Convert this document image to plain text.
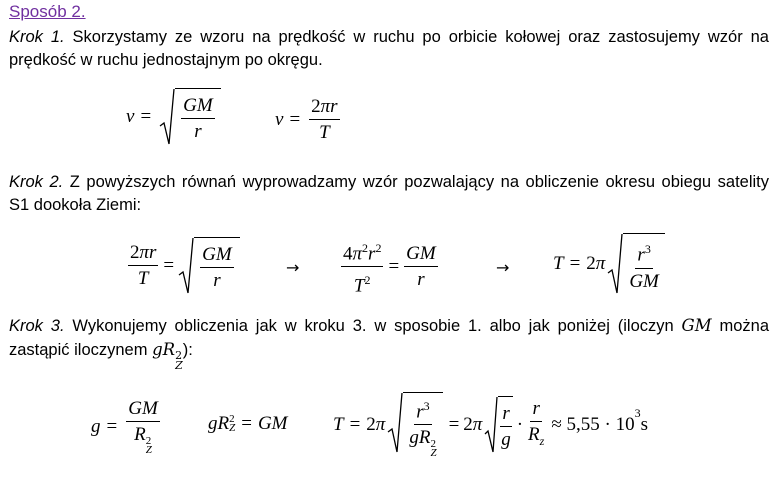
Sposób 2.
Krok 1. Skorzystamy ze wzoru na prędkość w ruchu po orbicie kołowej oraz zastosujemy wzór na prędkość w ruchu jednostajnym po okręgu.
$v = \frac{GM}{r}$	$v = \frac{2\pi r}{T}$
Krok 2. Z powyższych równań wyprowadzamy wzór pozwalający na obliczenie okresu obiegu satelity S1 dookoła Ziemi:
$\frac{2\pi r}{T} = \frac{GM}{r}$	→ $\frac{4\pi^2r^2}{T^2} = \frac{GM}{r}$	→ $T = 2\pi \frac{r^3}{GM}$
Krok 3. Wykonujemy obliczenia jak w kroku 3. w sposobie 1. albo jak poniżej (iloczyn GM można zastąpić iloczynem gR 2
Z
):
g = GM
R 2
Z	gR 2
Z = GM T = 2π $r^3$
gR 2
$Z = 2\pi \frac{r}{g} \cdot \frac{r}{R_z} \approx 5,55 \cdot 10$
$^3$
s
